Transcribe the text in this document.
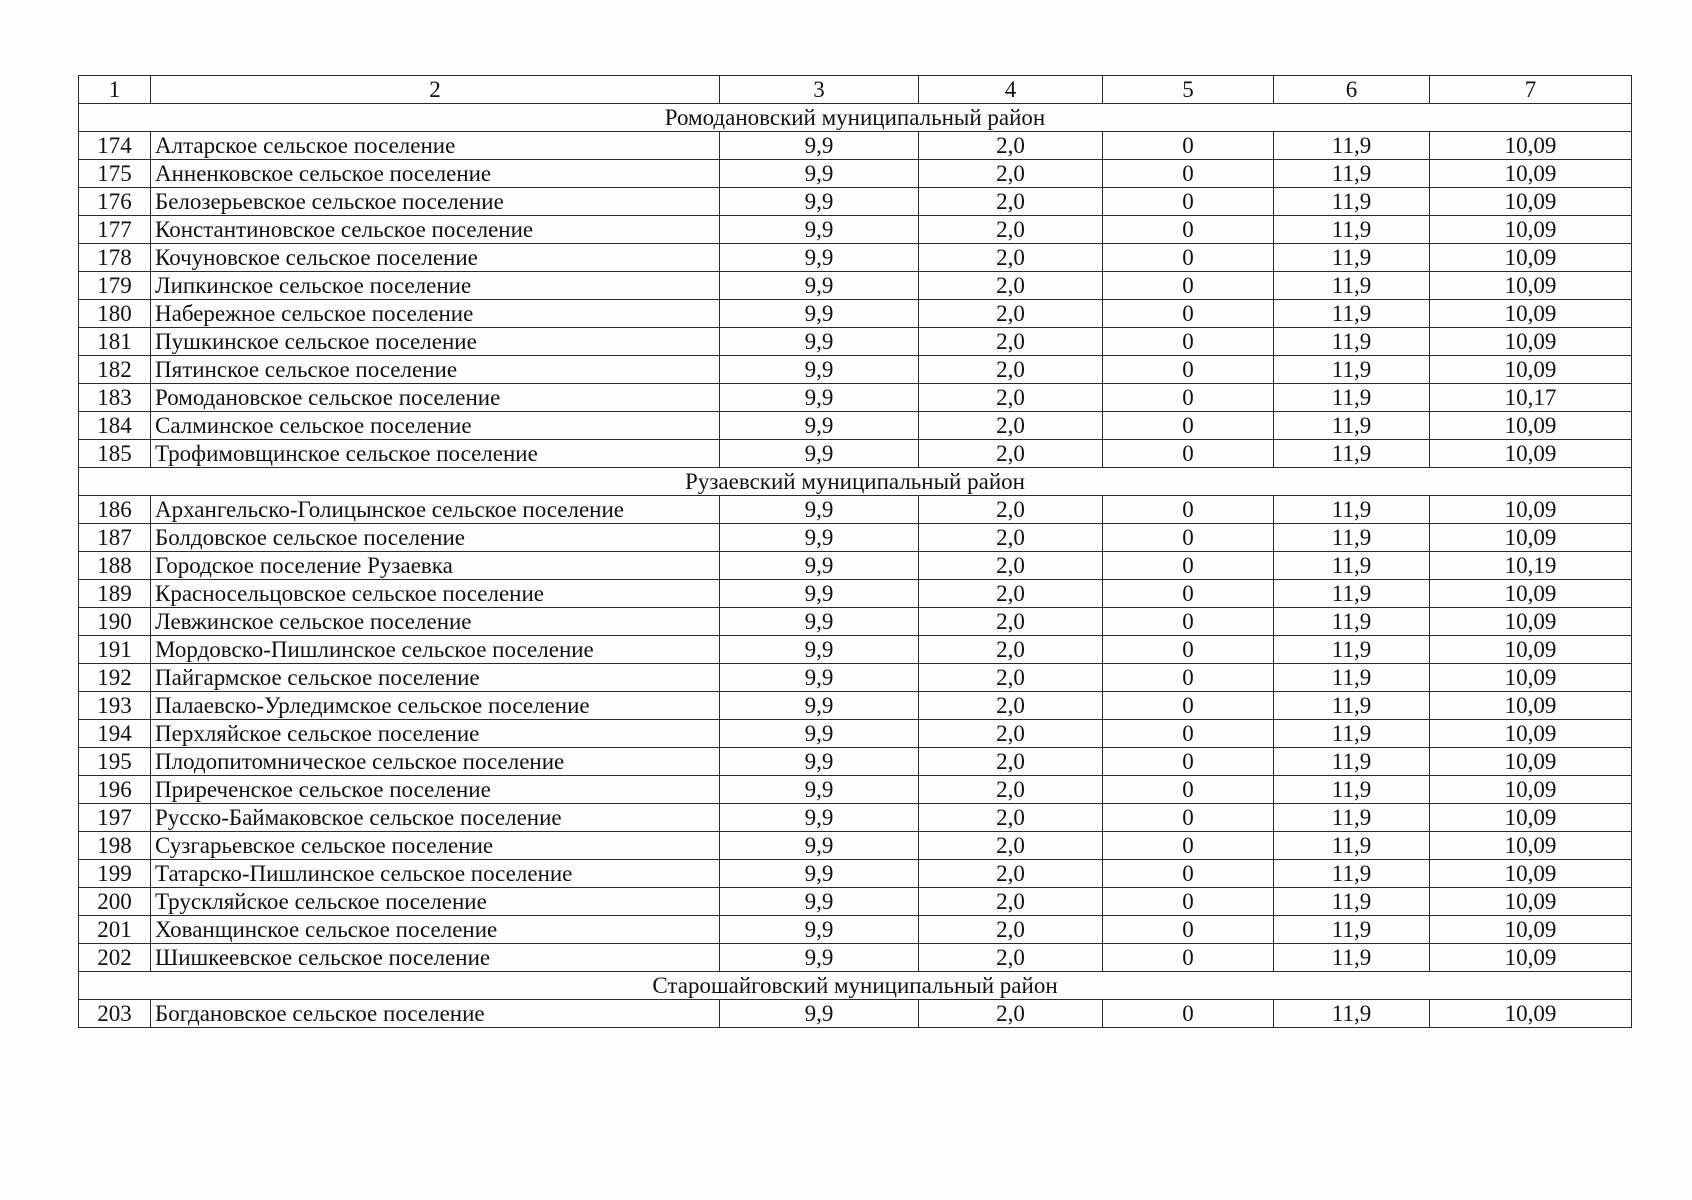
1	2	3	4	5	6	7
Ромодановский муниципальный район						
174	Алтарское сельское поселение	9,9	2,0	0	11,9	10,09
175	Анненковское сельское поселение	9,9	2,0	0	11,9	10,09
176	Белозерьевское сельское поселение	9,9	2,0	0	11,9	10,09
177	Константиновское сельское поселение	9,9	2,0	0	11,9	10,09
178	Кочуновское сельское поселение	9,9	2,0	0	11,9	10,09
179	Липкинское сельское поселение	9,9	2,0	0	11,9	10,09
180	Набережное сельское поселение	9,9	2,0	0	11,9	10,09
181	Пушкинское сельское поселение	9,9	2,0	0	11,9	10,09
182	Пятинское сельское поселение	9,9	2,0	0	11,9	10,09
183	Ромодановское сельское поселение	9,9	2,0	0	11,9	10,17
184	Салминское сельское поселение	9,9	2,0	0	11,9	10,09
185	Трофимовщинское сельское поселение	9,9	2,0	0	11,9	10,09
Рузаевский муниципальный район						
186	Архангельско-Голицынское сельское поселение	9,9	2,0	0	11,9	10,09
187	Болдовское сельское поселение	9,9	2,0	0	11,9	10,09
188	Городское поселение Рузаевка	9,9	2,0	0	11,9	10,19
189	Красносельцовское сельское поселение	9,9	2,0	0	11,9	10,09
190	Левжинское сельское поселение	9,9	2,0	0	11,9	10,09
191	Мордовско-Пишлинское сельское поселение	9,9	2,0	0	11,9	10,09
192	Пайгармское сельское поселение	9,9	2,0	0	11,9	10,09
193	Палаевско-Урледимское сельское поселение	9,9	2,0	0	11,9	10,09
194	Перхляйское сельское поселение	9,9	2,0	0	11,9	10,09
195	Плодопитомническое сельское поселение	9,9	2,0	0	11,9	10,09
196	Приреченское сельское поселение	9,9	2,0	0	11,9	10,09
197	Русско-Баймаковское сельское поселение	9,9	2,0	0	11,9	10,09
198	Сузгарьевское сельское поселение	9,9	2,0	0	11,9	10,09
199	Татарско-Пишлинское сельское поселение	9,9	2,0	0	11,9	10,09
200	Трускляйское сельское поселение	9,9	2,0	0	11,9	10,09
201	Хованщинское сельское поселение	9,9	2,0	0	11,9	10,09
202	Шишкеевское сельское поселение	9,9	2,0	0	11,9	10,09
Старошайговский муниципальный район						
203	Богдановское сельское поселение	9,9	2,0	0	11,9	10,09
